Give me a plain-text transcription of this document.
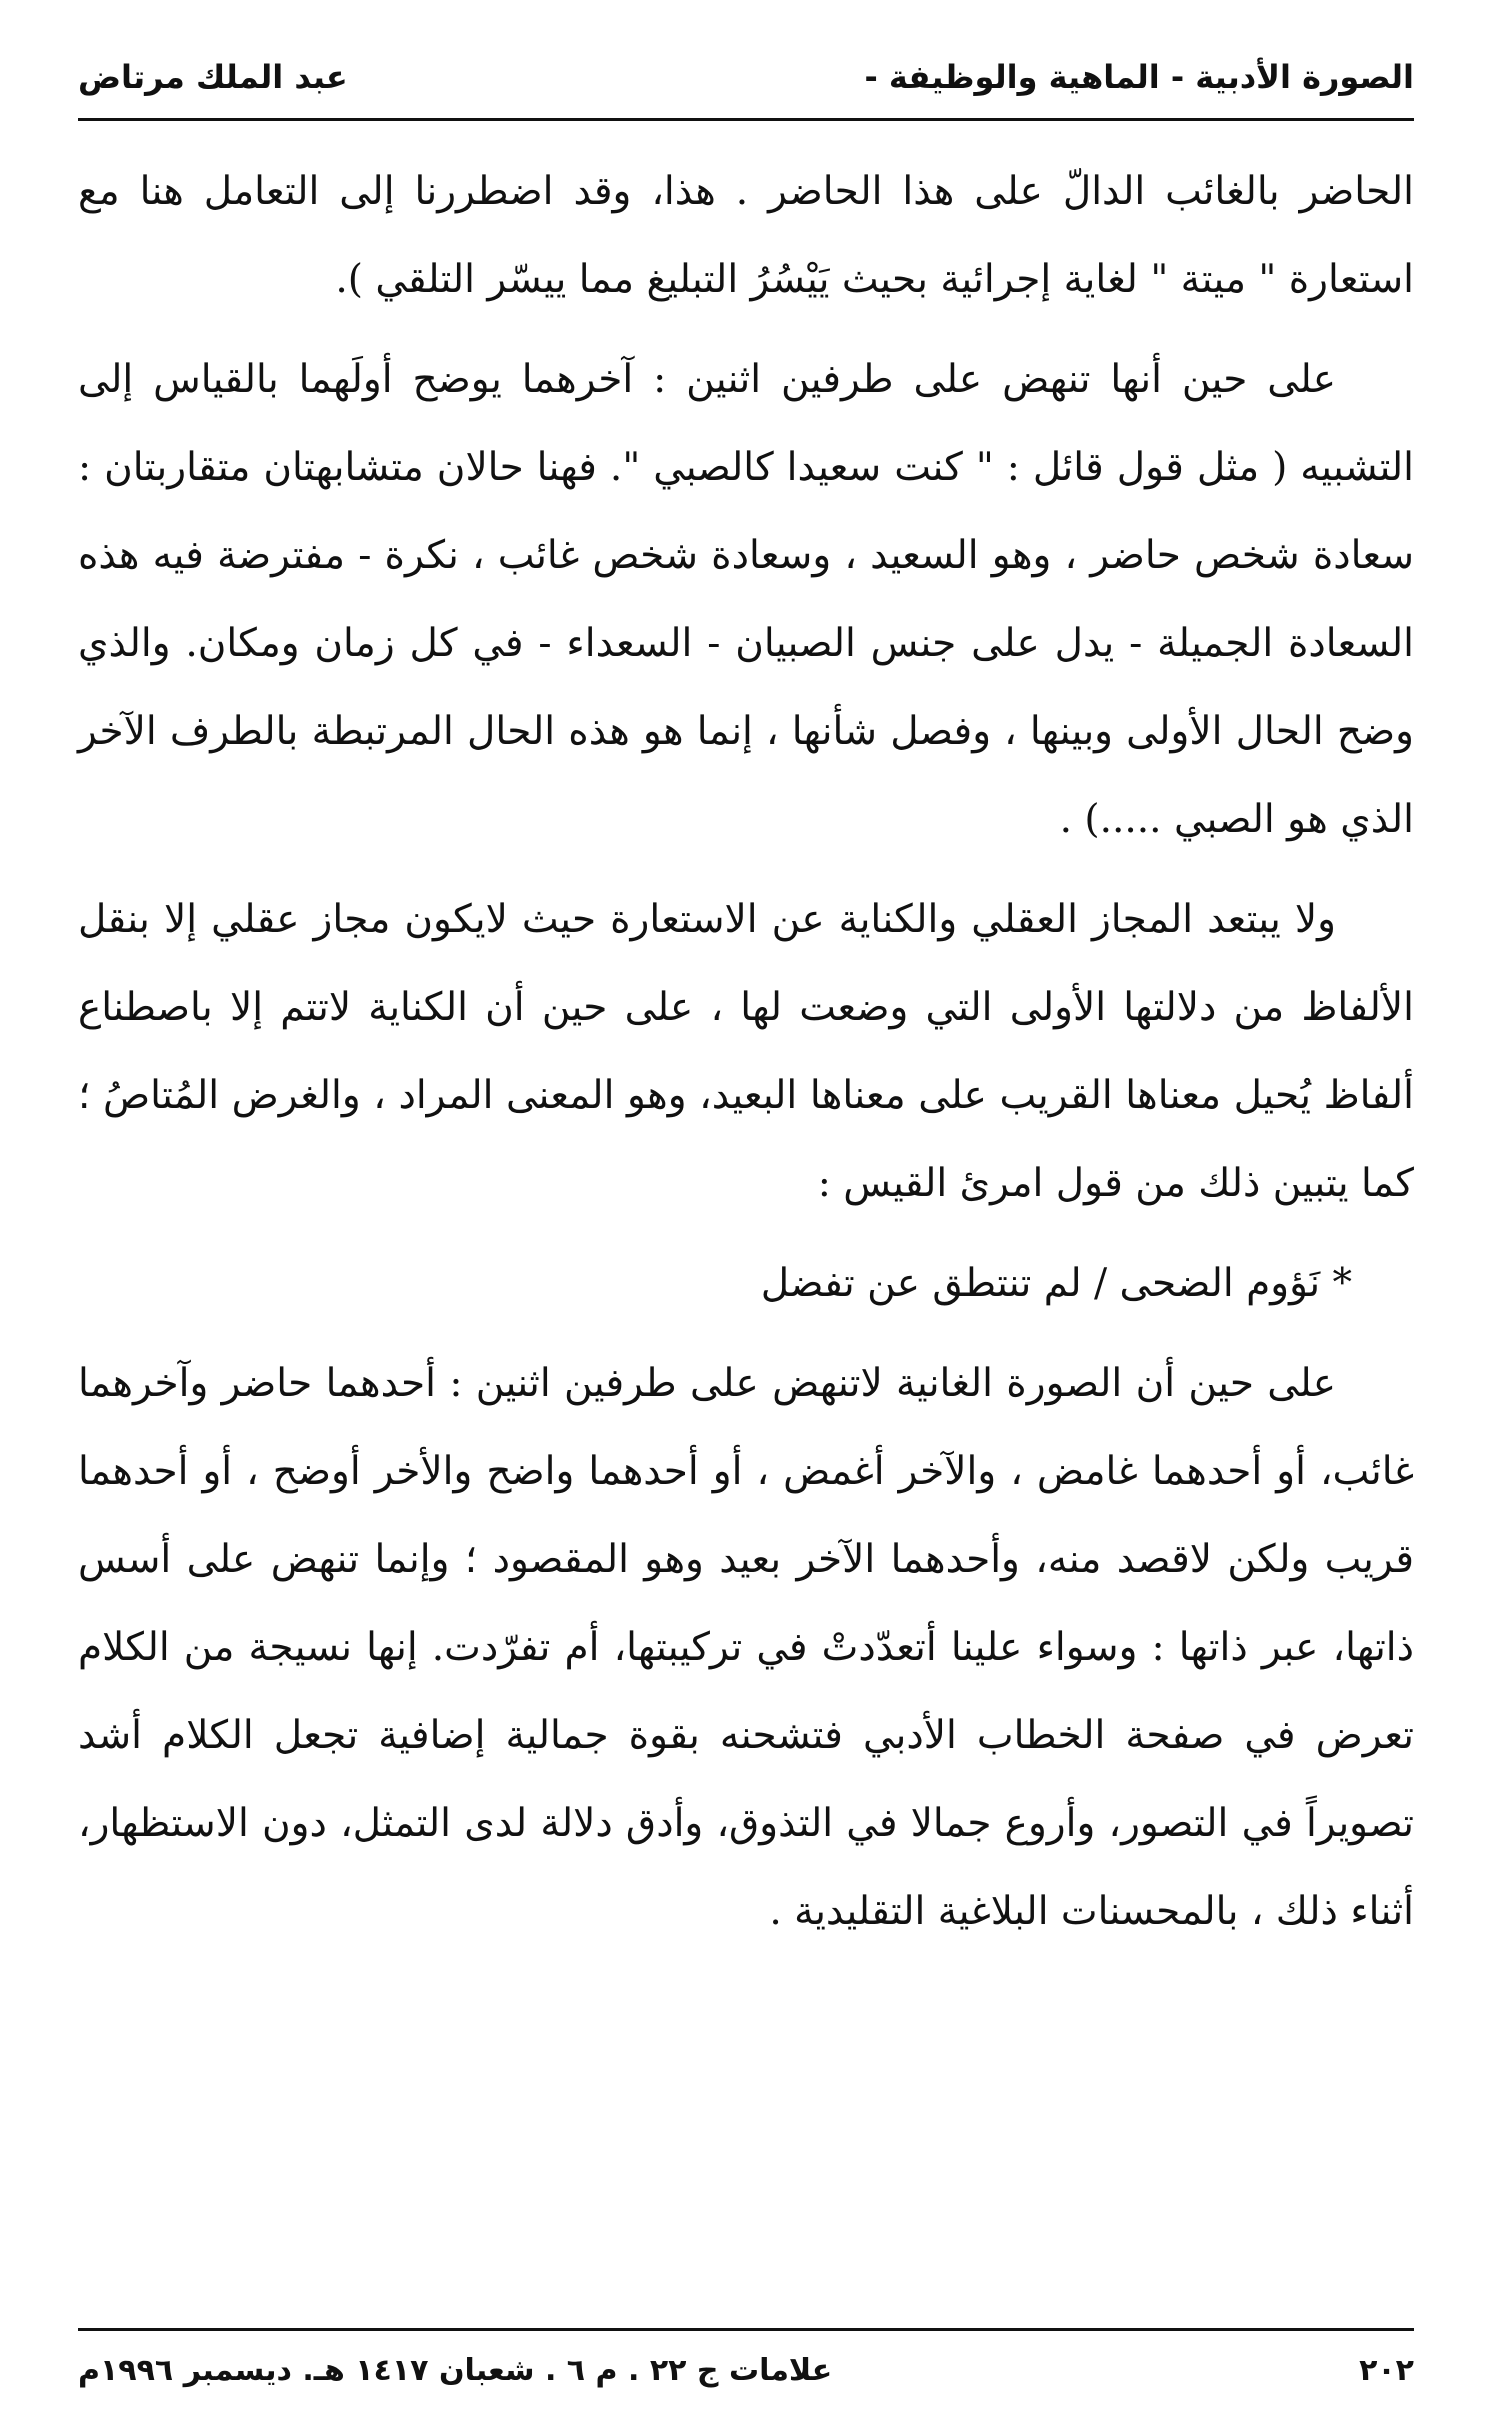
الصورة الأدبية - الماهية والوظيفة -
عبد الملك مرتاض

الحاضر بالغائب الدالّ على هذا الحاضر . هذا، وقد اضطررنا إلى التعامل هنا مع استعارة " ميتة " لغاية إجرائية بحيث يَيْسُرُ التبليغ مما ييسّر التلقي ).

على حين أنها تنهض على طرفين اثنين : آخرهما يوضح أولَهما بالقياس إلى التشبيه ( مثل قول قائل : " كنت سعيدا كالصبي ". فهنا حالان متشابهتان متقاربتان : سعادة شخص حاضر ، وهو السعيد ، وسعادة شخص غائب ، نكرة - مفترضة فيه هذه السعادة الجميلة - يدل على جنس الصبيان - السعداء - في كل زمان ومكان. والذي وضح الحال الأولى وبينها ، وفصل شأنها ، إنما هو هذه الحال المرتبطة بالطرف الآخر الذي هو الصبي .....) .

ولا يبتعد المجاز العقلي والكناية عن الاستعارة حيث لايكون مجاز عقلي إلا بنقل الألفاظ من دلالتها الأولى التي وضعت لها ، على حين أن الكناية لاتتم إلا باصطناع ألفاظ يُحيل معناها القريب على معناها البعيد، وهو المعنى المراد ، والغرض المُتاصُ ؛ كما يتبين ذلك من قول امرئ القيس :

* نَؤوم الضحى / لم تنتطق عن تفضل

على حين أن الصورة الغانية لاتنهض على طرفين اثنين : أحدهما حاضر وآخرهما غائب، أو أحدهما غامض ، والآخر أغمض ، أو أحدهما واضح والأخر أوضح ، أو أحدهما قريب ولكن لاقصد منه، وأحدهما الآخر بعيد وهو المقصود ؛ وإنما تنهض على أسس ذاتها، عبر ذاتها : وسواء علينا أتعدّدتْ في تركيبتها، أم تفرّدت. إنها نسيجة من الكلام تعرض في صفحة الخطاب الأدبي فتشحنه بقوة جمالية إضافية تجعل الكلام أشد تصويراً في التصور، وأروع جمالا في التذوق، وأدق دلالة لدى التمثل، دون الاستظهار، أثناء ذلك ، بالمحسنات البلاغية التقليدية .

٢٠٢
علامات ج ٢٢ . م ٦ . شعبان ١٤١٧ هـ. ديسمبر ١٩٩٦م
